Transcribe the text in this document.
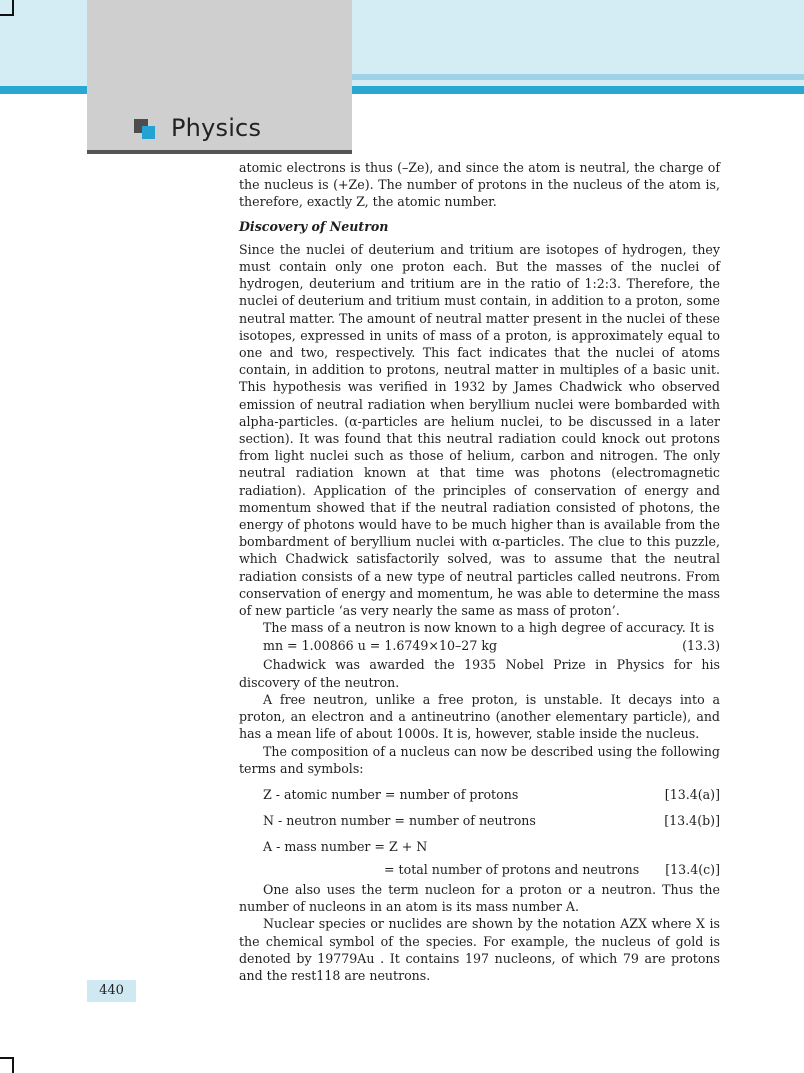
Physics
440

atomic electrons is thus (–Ze), and since the atom is neutral, the charge of the nucleus is (+Ze). The number of protons in the nucleus of the atom is, therefore, exactly Z, the atomic number.

Discovery of Neutron

Since the nuclei of deuterium and tritium are isotopes of hydrogen, they must contain only one proton each. But the masses of the nuclei of hydrogen, deuterium and tritium are in the ratio of 1:2:3. Therefore, the nuclei of deuterium and tritium must contain, in addition to a proton, some neutral matter. The amount of neutral matter present in the nuclei of these isotopes, expressed in units of mass of a proton, is approximately equal to one and two, respectively. This fact indicates that the nuclei of atoms contain, in addition to protons, neutral matter in multiples of a basic unit. This hypothesis was verified in 1932 by James Chadwick who observed emission of neutral radiation when beryllium nuclei were bombarded with alpha-particles. (α-particles are helium nuclei, to be discussed in a later section). It was found that this neutral radiation could knock out protons from light nuclei such as those of helium, carbon and nitrogen. The only neutral radiation known at that time was photons (electromagnetic radiation). Application of the principles of conservation of energy and momentum showed that if the neutral radiation consisted of photons, the energy of photons would have to be much higher than is available from the bombardment of beryllium nuclei with α-particles. The clue to this puzzle, which Chadwick satisfactorily solved, was to assume that the neutral radiation consists of a new type of neutral particles called neutrons. From conservation of energy and momentum, he was able to determine the mass of new particle ‘as very nearly the same as mass of proton’.

The mass of a neutron is now known to a high degree of accuracy. It is

mn = 1.00866 u = 1.6749×10–27 kg	(13.3)

Chadwick was awarded the 1935 Nobel Prize in Physics for his discovery of the neutron.

A free neutron, unlike a free proton, is unstable. It decays into a proton, an electron and a antineutrino (another elementary particle), and has a mean life of about 1000s. It is, however, stable inside the nucleus.

The composition of a nucleus can now be described using the following terms and symbols:

Z - atomic number = number of protons	[13.4(a)]
N - neutron number = number of neutrons	[13.4(b)]
A - mass number = Z + N
= total number of protons and neutrons [13.4(c)]

One also uses the term nucleon for a proton or a neutron. Thus the number of nucleons in an atom is its mass number A.

Nuclear species or nuclides are shown by the notation AZX where X is the chemical symbol of the species. For example, the nucleus of gold is denoted by 19779Au . It contains 197 nucleons, of which 79 are protons and the rest118 are neutrons.
